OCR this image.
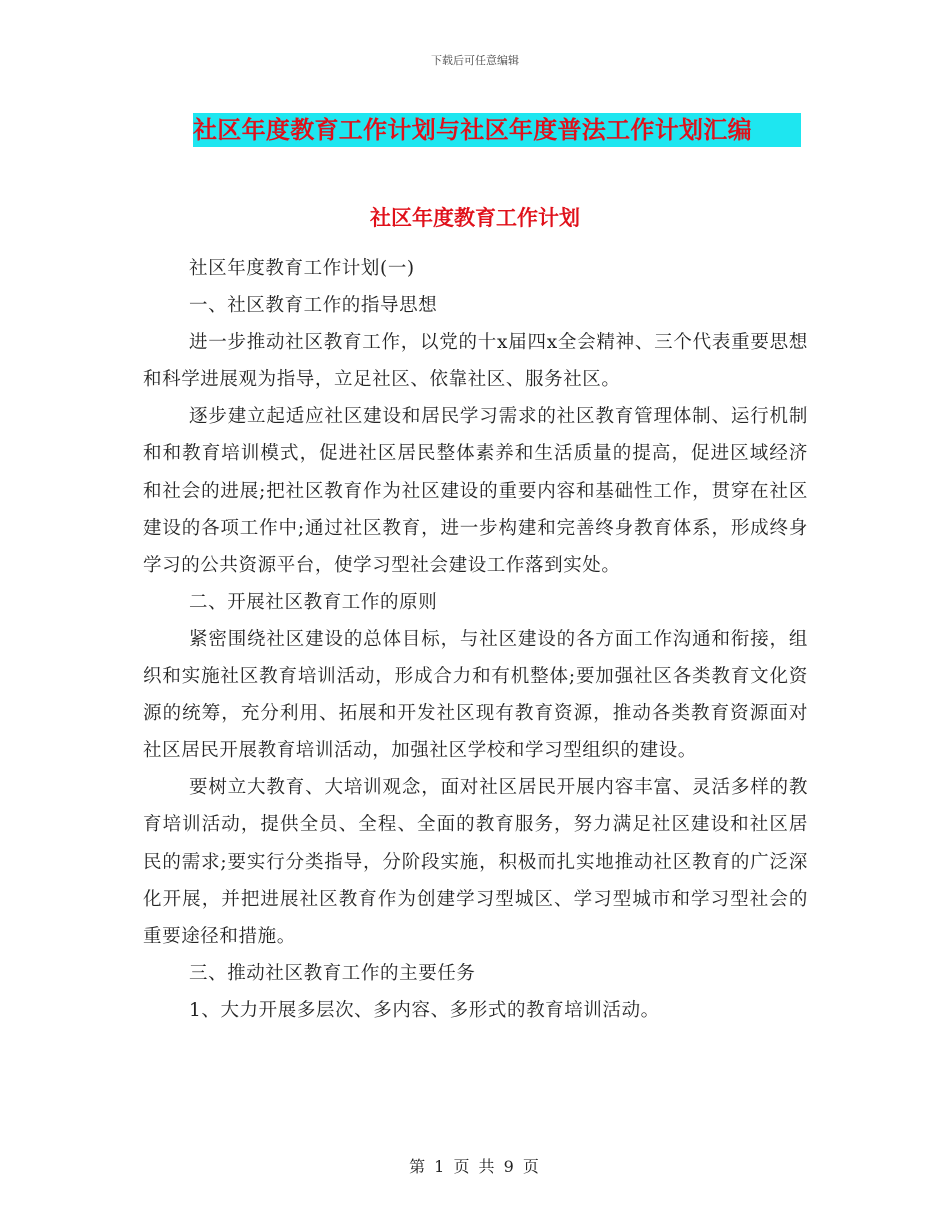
下载后可任意编辑
社区年度教育工作计划与社区年度普法工作计划汇编
社区年度教育工作计划

社区年度教育工作计划(一)

一、社区教育工作的指导思想

进一步推动社区教育工作，以党的十x届四x全会精神、三个代表重要思想和科学进展观为指导，立足社区、依靠社区、服务社区。

逐步建立起适应社区建设和居民学习需求的社区教育管理体制、运行机制和和教育培训模式，促进社区居民整体素养和生活质量的提高，促进区域经济和社会的进展;把社区教育作为社区建设的重要内容和基础性工作，贯穿在社区建设的各项工作中;通过社区教育，进一步构建和完善终身教育体系，形成终身学习的公共资源平台，使学习型社会建设工作落到实处。

二、开展社区教育工作的原则

紧密围绕社区建设的总体目标，与社区建设的各方面工作沟通和衔接，组织和实施社区教育培训活动，形成合力和有机整体;要加强社区各类教育文化资源的统筹，充分利用、拓展和开发社区现有教育资源，推动各类教育资源面对社区居民开展教育培训活动，加强社区学校和学习型组织的建设。

要树立大教育、大培训观念，面对社区居民开展内容丰富、灵活多样的教育培训活动，提供全员、全程、全面的教育服务，努力满足社区建设和社区居民的需求;要实行分类指导，分阶段实施，积极而扎实地推动社区教育的广泛深化开展，并把进展社区教育作为创建学习型城区、学习型城市和学习型社会的重要途径和措施。

三、推动社区教育工作的主要任务

1、大力开展多层次、多内容、多形式的教育培训活动。

第 1 页 共 9 页
